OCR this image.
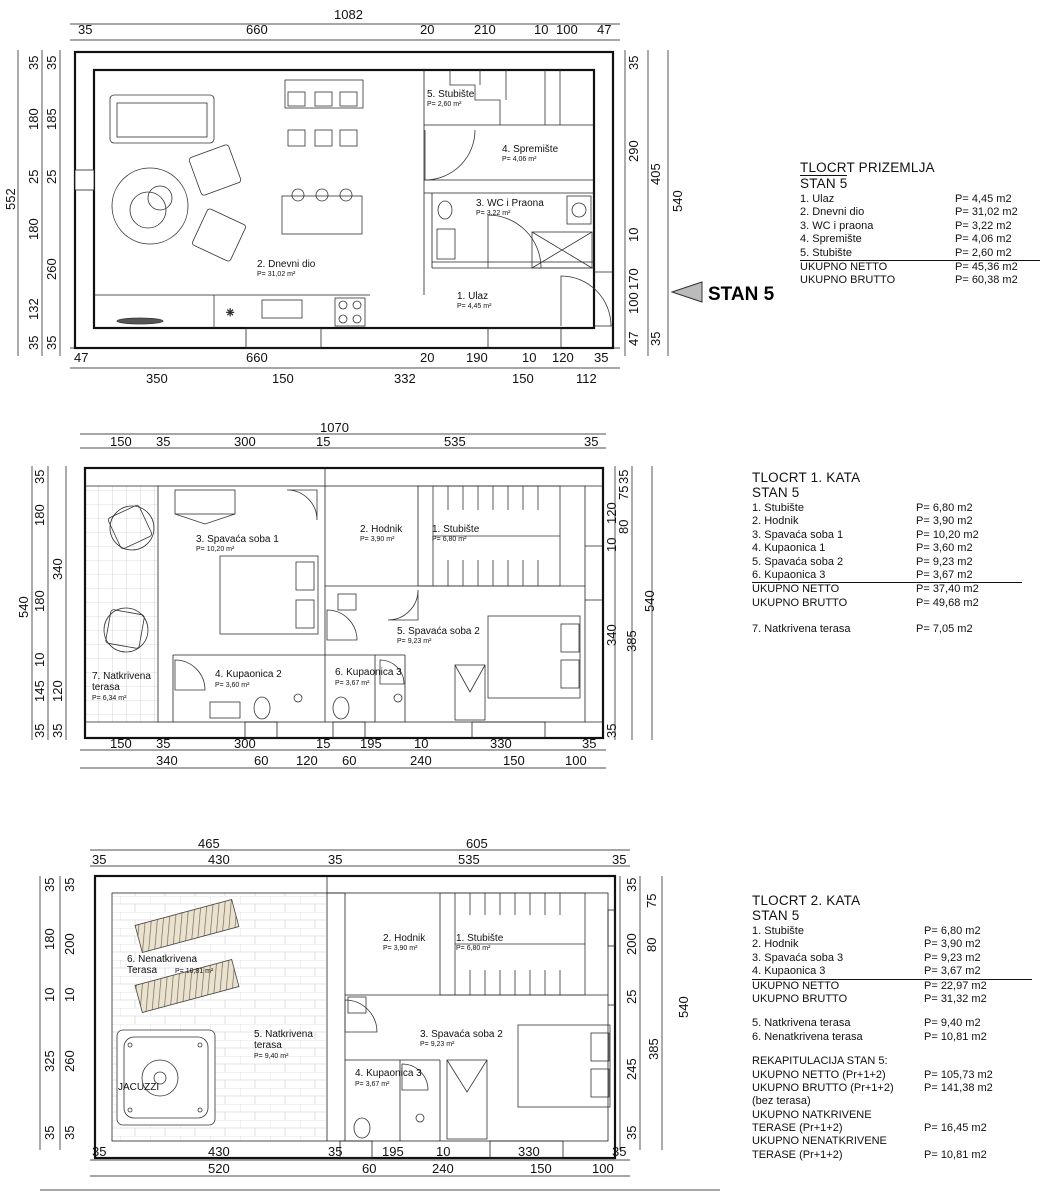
✳
5. Stubište
P= 2,60 m²
4. Spremište
P= 4,06 m²
3. WC i Praona
P= 3,22 m²
2. Dnevni dio
P= 31,02 m²
1. Ulaz
P= 4,45 m²
1082
35	660	20	210	10 100 47
47	660	20 190	10 120 35
350	150	332	150	112
552
35
180
25
180
132
35
35
185
25
260
35
35
290
10
170
100
47
405
35
540
STAN 5
3. Spavaća soba 1
P= 10,20 m²
2. Hodnik
P= 3,90 m²
1. Stubište
P= 6,80 m²
5. Spavaća soba 2
P= 9,23 m²
7. Natkrivena
terasa
P= 6,34 m²
4. Kupaonica 2
P= 3,60 m²
6. Kupaonica 3
P= 3,67 m²
1070
150 35	300	15	535	35
150 35	300	15 195 10	330	35
340	60 120 60	240	150	100
540
35
180
180
10
145
35
340
120
35
35
75
120
80
10
340
35
385
540
2. Hodnik
P= 3,90 m²
1. Stubište
P= 6,80 m²
6. Nenatkrivena
Terasa	P= 10,81 m²
5. Natkrivena
terasa
P= 9,40 m²
3. Spavaća soba 2
P= 9,23 m²
4. Kupaonica 3
P= 3,67 m²
JACUZZI
465	605
35	430	35	535	35
35	430	35	195 10	330	35
520	60	240	150	100
35
180
10
325
35
35
200
10
260
35
35
75
200 80
25
245
35
385
540
TLOCRT PRIZEMLJA
STAN 5
1. Ulaz	P= 4,45 m2
2. Dnevni dio	P= 31,02 m2
3. WC i praona	P= 3,22 m2
4. Spremište	P= 4,06 m2
5. Stubište	P= 2,60 m2
UKUPNO NETTO	P= 45,36 m2
UKUPNO BRUTTO	P= 60,38 m2
TLOCRT 1. KATA
STAN 5
1. Stubište	P= 6,80 m2
2. Hodnik	P= 3,90 m2
3. Spavaća soba 1	P= 10,20 m2
4. Kupaonica 1	P= 3,60 m2
5. Spavaća soba 2	P= 9,23 m2
6. Kupaonica 3	P= 3,67 m2
UKUPNO NETTO	P= 37,40 m2
UKUPNO BRUTTO	P= 49,68 m2
7. Natkrivena terasa	P= 7,05 m2
TLOCRT 2. KATA
STAN 5
1. Stubište	P= 6,80 m2
2. Hodnik	P= 3,90 m2
3. Spavaća soba 3	P= 9,23 m2
4. Kupaonica 3	P= 3,67 m2
UKUPNO NETTO	P= 22,97 m2
UKUPNO BRUTTO	P= 31,32 m2
5. Natkrivena terasa	P= 9,40 m2
6. Nenatkrivena terasa	P= 10,81 m2
REKAPITULACIJA STAN 5:
UKUPNO NETTO (Pr+1+2)	P= 105,73 m2
UKUPNO BRUTTO (Pr+1+2)	P= 141,38 m2
(bez terasa)
UKUPNO NATKRIVENE
TERASE (Pr+1+2)	P= 16,45 m2
UKUPNO NENATKRIVENE
TERASE (Pr+1+2)	P= 10,81 m2
